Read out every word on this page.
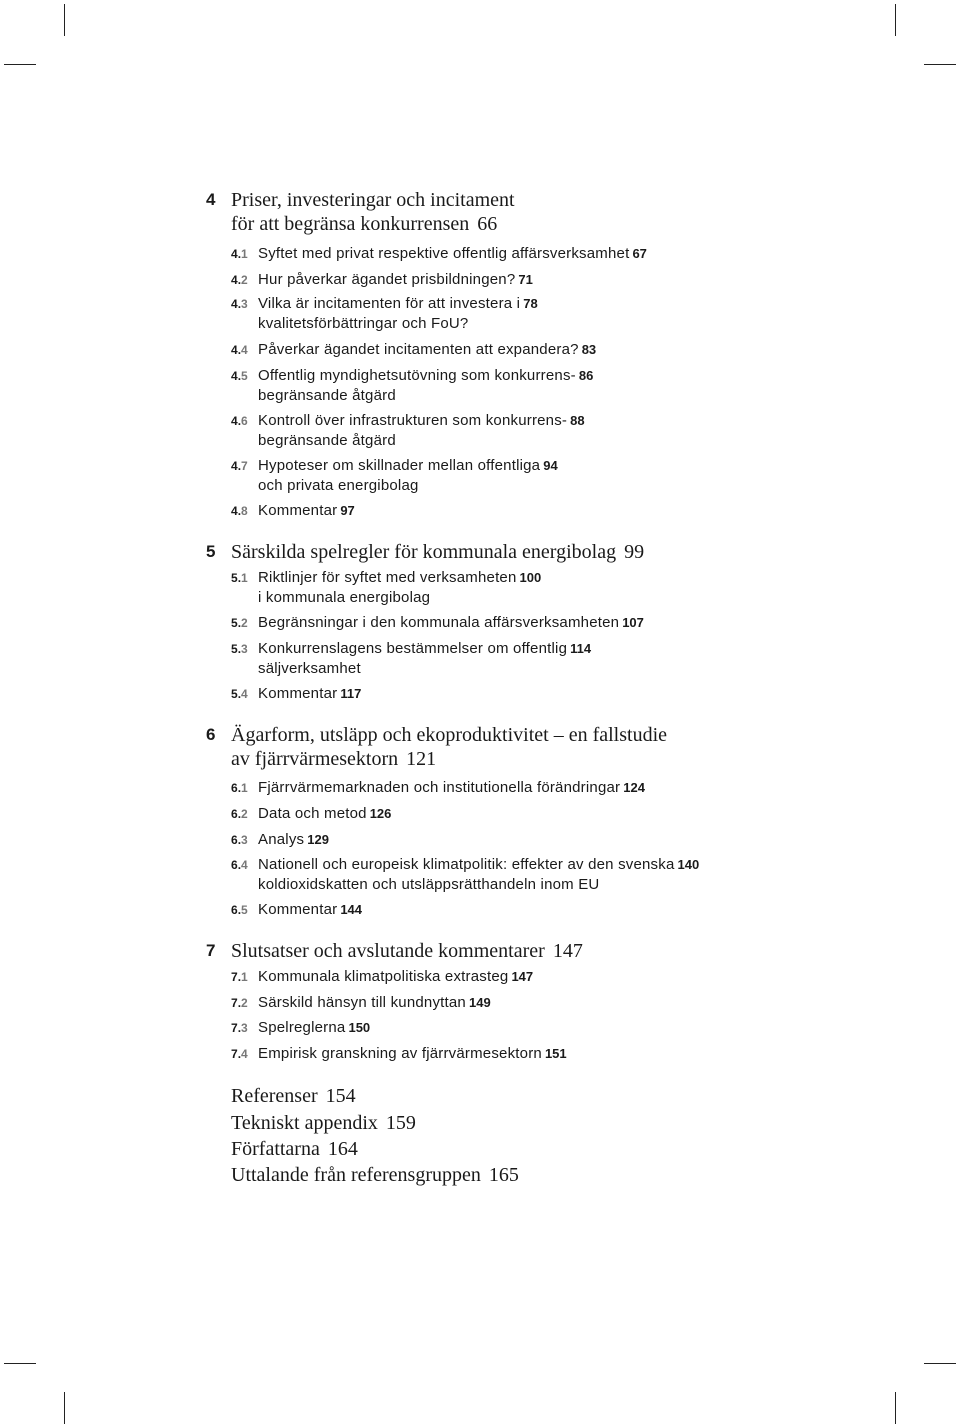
4 Priser, investeringar och incitament
för att begränsa konkurrensen 66
4.1 Syftet med privat respektive offentlig affärsverksamhet 67
4.2 Hur påverkar ägandet prisbildningen? 71
4.3 Vilka är incitamenten för att investera i
kvalitetsförbättringar och FoU?78
4.4 Påverkar ägandet incitamenten att expandera? 83
4.5 Offentlig myndighetsutövning som konkurrens-
begränsande åtgärd86
4.6 Kontroll över infrastrukturen som konkurrens-
begränsande åtgärd88
4.7 Hypoteser om skillnader mellan offentliga
och privata energibolag94
4.8 Kommentar 97
5 Särskilda spelregler för kommunala energibolag 99
5.1 Riktlinjer för syftet med verksamheten
i kommunala energibolag100
5.2 Begränsningar i den kommunala affärsverksamheten 107
5.3 Konkurrenslagens bestämmelser om offentlig
säljverksamhet114
5.4 Kommentar 117
6 Ägarform, utsläpp och ekoproduktivitet – en fallstudie
av fjärrvärmesektorn 121
6.1 Fjärrvärmemarknaden och institutionella förändringar 124
6.2 Data och metod 126
6.3 Analys 129
6.4 Nationell och europeisk klimatpolitik: effekter av den svenska
koldioxidskatten och utsläppsrätthandeln inom EU140
6.5 Kommentar 144
7 Slutsatser och avslutande kommentarer 147
7.1 Kommunala klimatpolitiska extrasteg 147
7.2 Särskild hänsyn till kundnyttan 149
7.3 Spelreglerna 150
7.4 Empirisk granskning av fjärrvärmesektorn 151
Referenser 154
Tekniskt appendix 159
Författarna 164
Uttalande från referensgruppen 165
